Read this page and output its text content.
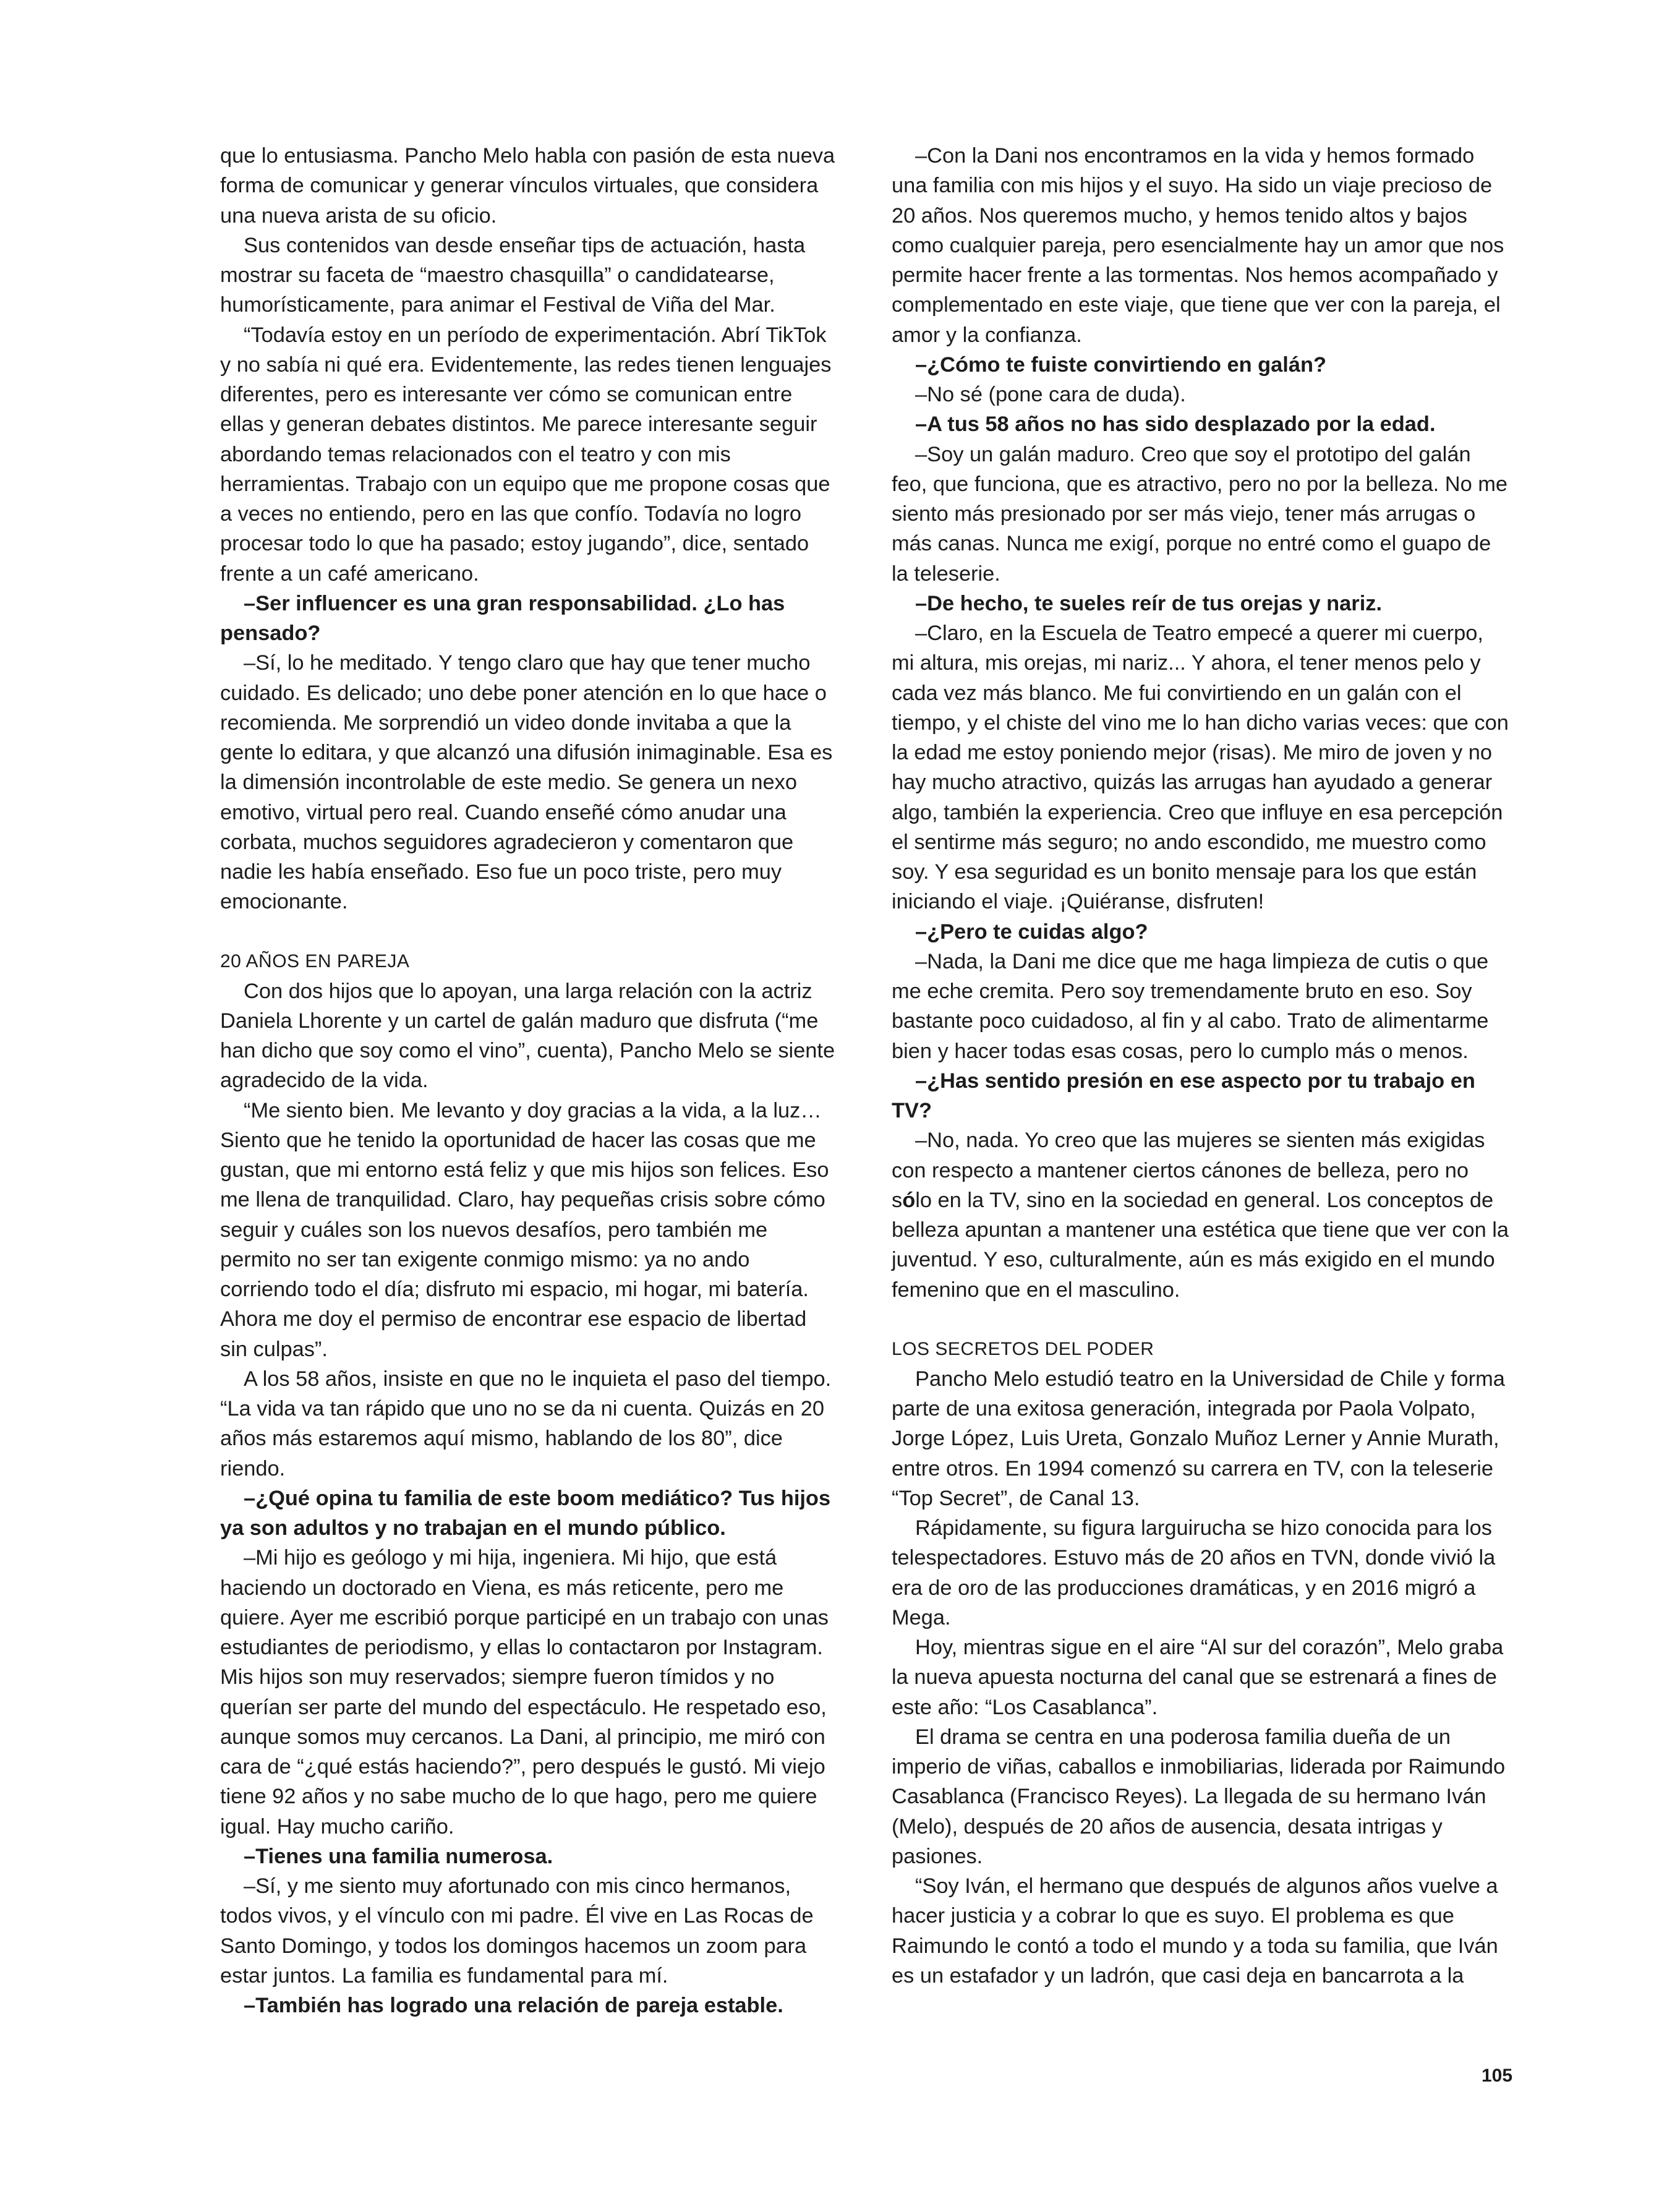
que lo entusiasma. Pancho Melo habla con pasión de esta nueva forma de comunicar y generar vínculos virtuales, que considera una nueva arista de su oficio.

Sus contenidos van desde enseñar tips de actuación, hasta mostrar su faceta de “maestro chasquilla” o candidatearse, humorísticamente, para animar el Festival de Viña del Mar.

“Todavía estoy en un período de experimentación. Abrí TikTok y no sabía ni qué era. Evidentemente, las redes tienen lenguajes diferentes, pero es interesante ver cómo se comunican entre ellas y generan debates distintos. Me parece interesante seguir abordando temas relacionados con el teatro y con mis herramientas. Trabajo con un equipo que me propone cosas que a veces no entiendo, pero en las que confío. Todavía no logro procesar todo lo que ha pasado; estoy jugando”, dice, sentado frente a un café americano.

–Ser influencer es una gran responsabilidad. ¿Lo has pensado?

–Sí, lo he meditado. Y tengo claro que hay que tener mucho cuidado. Es delicado; uno debe poner atención en lo que hace o recomienda. Me sorprendió un video donde invitaba a que la gente lo editara, y que alcanzó una difusión inimaginable. Esa es la dimensión incontrolable de este medio. Se genera un nexo emotivo, virtual pero real. Cuando enseñé cómo anudar una corbata, muchos seguidores agradecieron y comentaron que nadie les había enseñado. Eso fue un poco triste, pero muy emocionante.

20 AÑOS EN PAREJA

Con dos hijos que lo apoyan, una larga relación con la actriz Daniela Lhorente y un cartel de galán maduro que disfruta (“me han dicho que soy como el vino”, cuenta), Pancho Melo se siente agradecido de la vida.

“Me siento bien. Me levanto y doy gracias a la vida, a la luz… Siento que he tenido la oportunidad de hacer las cosas que me gustan, que mi entorno está feliz y que mis hijos son felices. Eso me llena de tranquilidad. Claro, hay pequeñas crisis sobre cómo seguir y cuáles son los nuevos desafíos, pero también me permito no ser tan exigente conmigo mismo: ya no ando corriendo todo el día; disfruto mi espacio, mi hogar, mi batería. Ahora me doy el permiso de encontrar ese espacio de libertad sin culpas”.

A los 58 años, insiste en que no le inquieta el paso del tiempo. “La vida va tan rápido que uno no se da ni cuenta. Quizás en 20 años más estaremos aquí mismo, hablando de los 80”, dice riendo.

–¿Qué opina tu familia de este boom mediático? Tus hijos ya son adultos y no trabajan en el mundo público.

–Mi hijo es geólogo y mi hija, ingeniera. Mi hijo, que está haciendo un doctorado en Viena, es más reticente, pero me quiere. Ayer me escribió porque participé en un trabajo con unas estudiantes de periodismo, y ellas lo contactaron por Instagram. Mis hijos son muy reservados; siempre fueron tímidos y no querían ser parte del mundo del espectáculo. He respetado eso, aunque somos muy cercanos. La Dani, al principio, me miró con cara de “¿qué estás haciendo?”, pero después le gustó. Mi viejo tiene 92 años y no sabe mucho de lo que hago, pero me quiere igual. Hay mucho cariño.

–Tienes una familia numerosa.

–Sí, y me siento muy afortunado con mis cinco hermanos, todos vivos, y el vínculo con mi padre. Él vive en Las Rocas de Santo Domingo, y todos los domingos hacemos un zoom para estar juntos. La familia es fundamental para mí.

–También has logrado una relación de pareja estable.

–Con la Dani nos encontramos en la vida y hemos formado una familia con mis hijos y el suyo. Ha sido un viaje precioso de 20 años. Nos queremos mucho, y hemos tenido altos y bajos como cualquier pareja, pero esencialmente hay un amor que nos permite hacer frente a las tormentas. Nos hemos acompañado y complementado en este viaje, que tiene que ver con la pareja, el amor y la confianza.

–¿Cómo te fuiste convirtiendo en galán?

–No sé (pone cara de duda).

–A tus 58 años no has sido desplazado por la edad.

–Soy un galán maduro. Creo que soy el prototipo del galán feo, que funciona, que es atractivo, pero no por la belleza. No me siento más presionado por ser más viejo, tener más arrugas o más canas. Nunca me exigí, porque no entré como el guapo de la teleserie.

–De hecho, te sueles reír de tus orejas y nariz.

–Claro, en la Escuela de Teatro empecé a querer mi cuerpo, mi altura, mis orejas, mi nariz... Y ahora, el tener menos pelo y cada vez más blanco. Me fui convirtiendo en un galán con el tiempo, y el chiste del vino me lo han dicho varias veces: que con la edad me estoy poniendo mejor (risas). Me miro de joven y no hay mucho atractivo, quizás las arrugas han ayudado a generar algo, también la experiencia. Creo que influye en esa percepción el sentirme más seguro; no ando escondido, me muestro como soy. Y esa seguridad es un bonito mensaje para los que están iniciando el viaje. ¡Quiéranse, disfruten!

–¿Pero te cuidas algo?

–Nada, la Dani me dice que me haga limpieza de cutis o que me eche cremita. Pero soy tremendamente bruto en eso. Soy bastante poco cuidadoso, al fin y al cabo. Trato de alimentarme bien y hacer todas esas cosas, pero lo cumplo más o menos.

–¿Has sentido presión en ese aspecto por tu trabajo en TV?

–No, nada. Yo creo que las mujeres se sienten más exigidas con respecto a mantener ciertos cánones de belleza, pero no sólo en la TV, sino en la sociedad en general. Los conceptos de belleza apuntan a mantener una estética que tiene que ver con la juventud. Y eso, culturalmente, aún es más exigido en el mundo femenino que en el masculino.

LOS SECRETOS DEL PODER

Pancho Melo estudió teatro en la Universidad de Chile y forma parte de una exitosa generación, integrada por Paola Volpato, Jorge López, Luis Ureta, Gonzalo Muñoz Lerner y Annie Murath, entre otros. En 1994 comenzó su carrera en TV, con la teleserie “Top Secret”, de Canal 13.

Rápidamente, su figura larguirucha se hizo conocida para los telespectadores. Estuvo más de 20 años en TVN, donde vivió la era de oro de las producciones dramáticas, y en 2016 migró a Mega.

Hoy, mientras sigue en el aire “Al sur del corazón”, Melo graba la nueva apuesta nocturna del canal que se estrenará a fines de este año: “Los Casablanca”.

El drama se centra en una poderosa familia dueña de un imperio de viñas, caballos e inmobiliarias, liderada por Raimundo Casablanca (Francisco Reyes). La llegada de su hermano Iván (Melo), después de 20 años de ausencia, desata intrigas y pasiones.

“Soy Iván, el hermano que después de algunos años vuelve a hacer justicia y a cobrar lo que es suyo. El problema es que Raimundo le contó a todo el mundo y a toda su familia, que Iván es un estafador y un ladrón, que casi deja en bancarrota a la

105
